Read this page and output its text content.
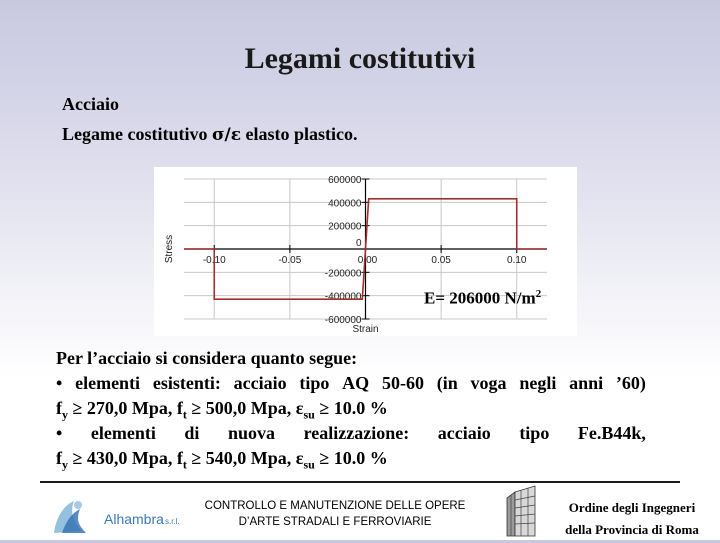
Legami costitutivi
Acciaio
Legame costitutivo σ/ε elasto plastico.
600000
400000
200000
0
-200000
-400000
-600000
-0.10	-0.05	0.00	0.05	0.10
Strain
Stress
E= 206000 $N/m^2$
Per l’acciaio si considera quanto segue:
• elementi esistenti: acciaio tipo AQ 50-60 (in voga negli anni ’60)
$f_y \ge 270,0$ Mpa, $f_t \ge 500,0$ Mpa, $\varepsilon_{su} \ge 10.0$ %
• elementi di nuova realizzazione: acciaio tipo Fe.B44k,
$f_y \ge 430,0$ Mpa, $f_t \ge 540,0$ Mpa, $\varepsilon_{su} \ge 10.0$ %
Alhambra s.r.l.
CONTROLLO E MANUTENZIONE DELLE OPERE
D’ARTE STRADALI E FERROVIARIE
Ordine degli Ingegneri
della Provincia di Roma
